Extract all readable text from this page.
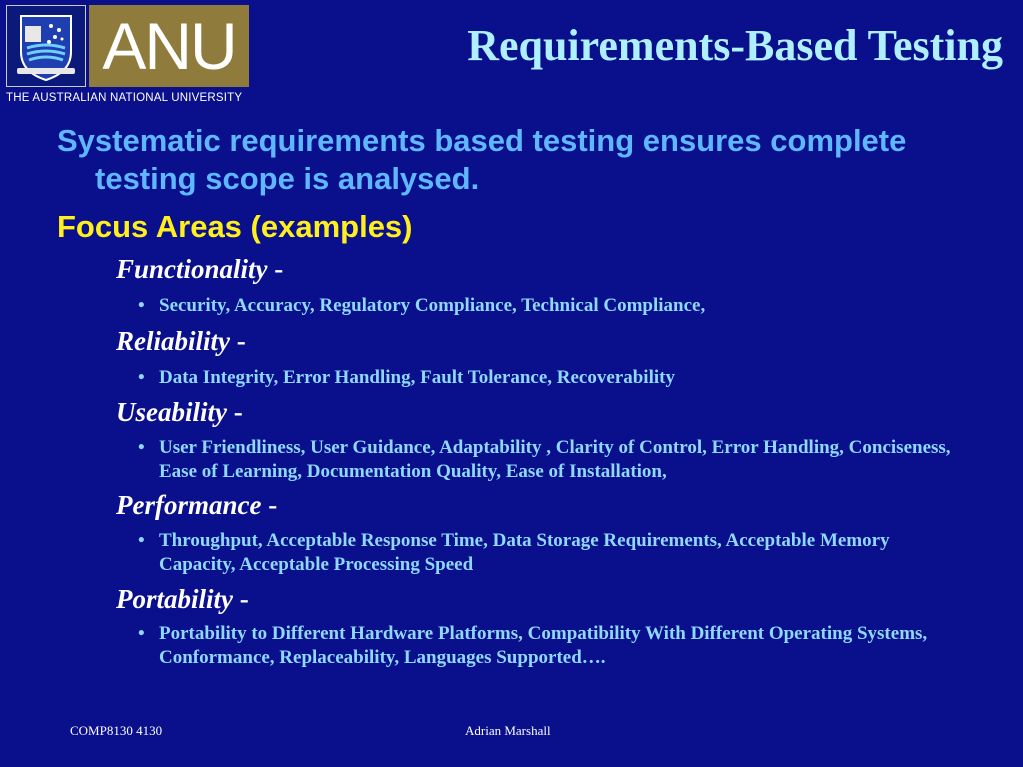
ANU
THE AUSTRALIAN NATIONAL UNIVERSITY
Requirements-Based Testing
Systematic requirements based testing ensures complete testing scope is analysed.
Focus Areas (examples)
Functionality -
• Security, Accuracy, Regulatory Compliance, Technical Compliance,
Reliability -
• Data Integrity, Error Handling, Fault Tolerance, Recoverability
Useability -
• User Friendliness, User Guidance, Adaptability , Clarity of Control, Error Handling, Conciseness, Ease of Learning, Documentation Quality, Ease of Installation,
Performance -
• Throughput, Acceptable Response Time, Data Storage Requirements, Acceptable Memory Capacity, Acceptable Processing Speed
Portability -
• Portability to Different Hardware Platforms, Compatibility With Different Operating Systems, Conformance, Replaceability, Languages Supported….
COMP8130 4130	Adrian Marshall
